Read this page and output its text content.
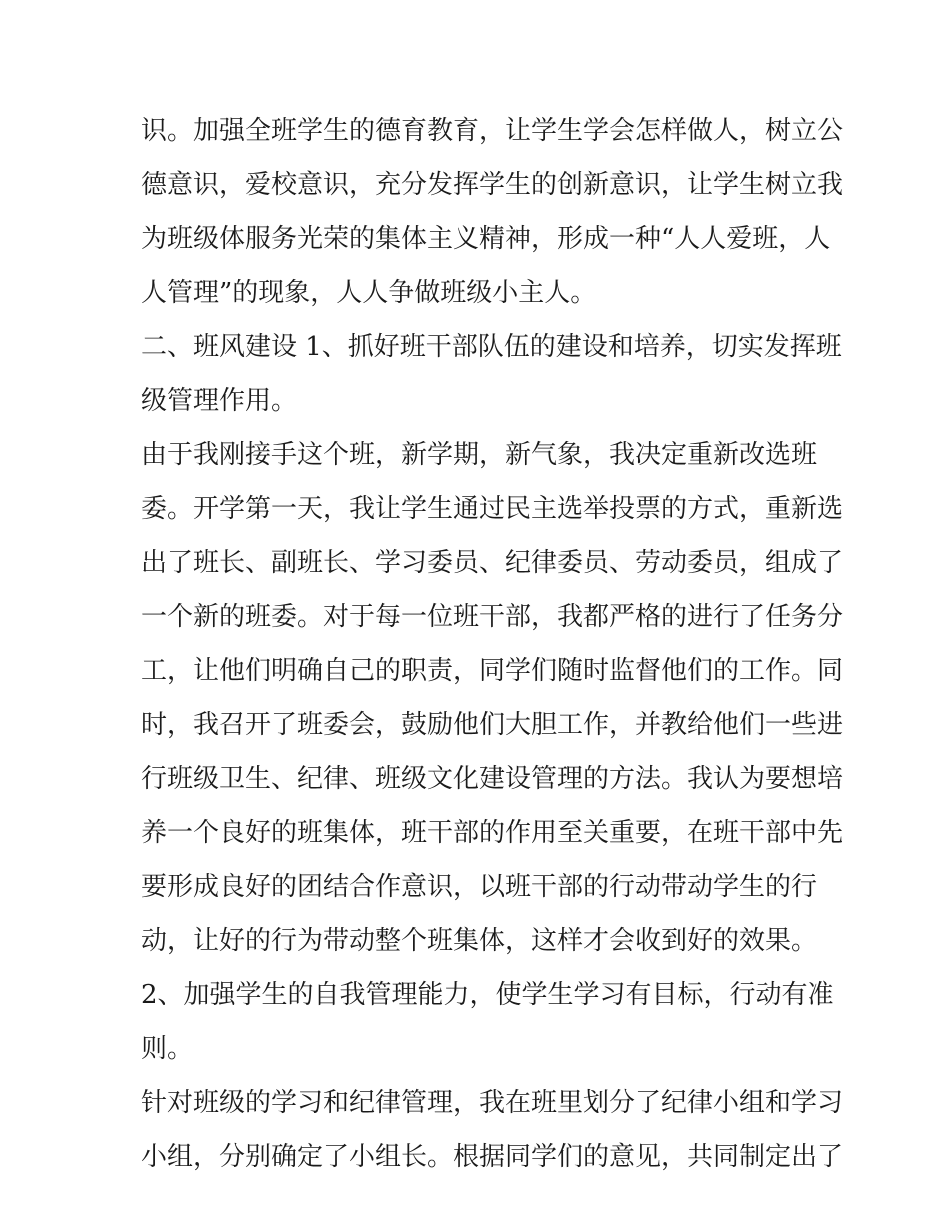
识。加强全班学生的德育教育，让学生学会怎样做人，树立公
德意识，爱校意识，充分发挥学生的创新意识，让学生树立我
为班级体服务光荣的集体主义精神，形成一种“人人爱班，人
人管理”的现象，人人争做班级小主人。
二、班风建设 1、抓好班干部队伍的建设和培养，切实发挥班
级管理作用。
由于我刚接手这个班，新学期，新气象，我决定重新改选班
委。开学第一天，我让学生通过民主选举投票的方式，重新选
出了班长、副班长、学习委员、纪律委员、劳动委员，组成了
一个新的班委。对于每一位班干部，我都严格的进行了任务分
工，让他们明确自己的职责，同学们随时监督他们的工作。同
时，我召开了班委会，鼓励他们大胆工作，并教给他们一些进
行班级卫生、纪律、班级文化建设管理的方法。我认为要想培
养一个良好的班集体，班干部的作用至关重要，在班干部中先
要形成良好的团结合作意识，以班干部的行动带动学生的行
动，让好的行为带动整个班集体，这样才会收到好的效果。
2、加强学生的自我管理能力，使学生学习有目标，行动有准
则。
针对班级的学习和纪律管理，我在班里划分了纪律小组和学习
小组，分别确定了小组长。根据同学们的意见，共同制定出了
